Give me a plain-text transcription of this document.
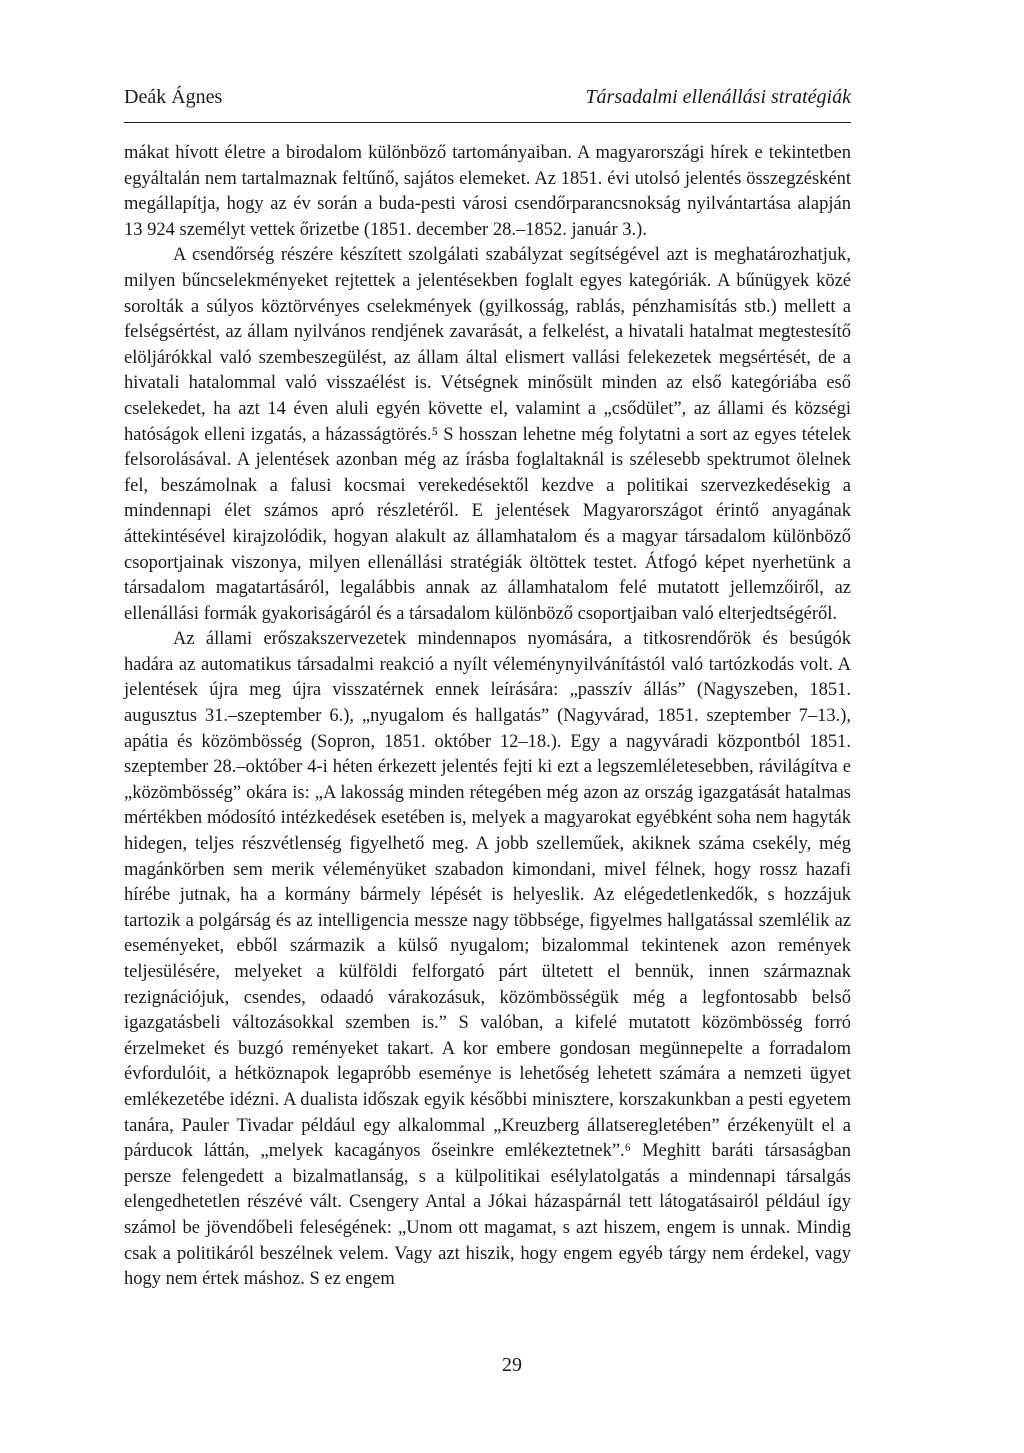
Deák Ágnes	Társadalmi ellenállási stratégiák

mákat hívott életre a birodalom különböző tartományaiban. A magyarországi hírek e tekintetben egyáltalán nem tartalmaznak feltűnő, sajátos elemeket. Az 1851. évi utolsó jelentés összegzésként megállapítja, hogy az év során a buda-pesti városi csendőrparancsnokság nyilvántartása alapján 13 924 személyt vettek őrizetbe (1851. december 28.–1852. január 3.).

A csendőrség részére készített szolgálati szabályzat segítségével azt is meghatározhatjuk, milyen bűncselekményeket rejtettek a jelentésekben foglalt egyes kategóriák. A bűnügyek közé sorolták a súlyos köztörvényes cselekmények (gyilkosság, rablás, pénzhamisítás stb.) mellett a felségsértést, az állam nyilvános rendjének zavarását, a felkelést, a hivatali hatalmat megtestesítő elöljárókkal való szembeszegülést, az állam által elismert vallási felekezetek megsértését, de a hivatali hatalommal való visszaélést is. Vétségnek minősült minden az első kategóriába eső cselekedet, ha azt 14 éven aluli egyén követte el, valamint a „csődület”, az állami és községi hatóságok elleni izgatás, a házasságtörés.⁵ S hosszan lehetne még folytatni a sort az egyes tételek felsorolásával. A jelentések azonban még az írásba foglaltaknál is szélesebb spektrumot ölelnek fel, beszámolnak a falusi kocsmai verekedésektől kezdve a politikai szervezkedésekig a mindennapi élet számos apró részletéről. E jelentések Magyarországot érintő anyagának áttekintésével kirajzolódik, hogyan alakult az államhatalom és a magyar társadalom különböző csoportjainak viszonya, milyen ellenállási stratégiák öltöttek testet. Átfogó képet nyerhetünk a társadalom magatartásáról, legalábbis annak az államhatalom felé mutatott jellemzőiről, az ellenállási formák gyakoriságáról és a társadalom különböző csoportjaiban való elterjedtségéről.

Az állami erőszakszervezetek mindennapos nyomására, a titkosrendőrök és besúgók hadára az automatikus társadalmi reakció a nyílt véleménynyilvánítástól való tartózkodás volt. A jelentések újra meg újra visszatérnek ennek leírására: „passzív állás” (Nagyszeben, 1851. augusztus 31.–szeptember 6.), „nyugalom és hallgatás” (Nagyvárad, 1851. szeptember 7–13.), apátia és közömbösség (Sopron, 1851. október 12–18.). Egy a nagyváradi központból 1851. szeptember 28.–október 4-i héten érkezett jelentés fejti ki ezt a legszemléletesebben, rávilágítva e „közömbösség” okára is: „A lakosság minden rétegében még azon az ország igazgatását hatalmas mértékben módosító intézkedések esetében is, melyek a magyarokat egyébként soha nem hagyták hidegen, teljes részvétlenség figyelhető meg. A jobb szelleműek, akiknek száma csekély, még magánkörben sem merik véleményüket szabadon kimondani, mivel félnek, hogy rossz hazafi hírébe jutnak, ha a kormány bármely lépését is helyeslik. Az elégedetlenkedők, s hozzájuk tartozik a polgárság és az intelligencia messze nagy többsége, figyelmes hallgatással szemlélik az eseményeket, ebből származik a külső nyugalom; bizalommal tekintenek azon remények teljesülésére, melyeket a külföldi felforgató párt ültetett el bennük, innen származnak rezignációjuk, csendes, odaadó várakozásuk, közömbösségük még a legfontosabb belső igazgatásbeli változásokkal szemben is.” S valóban, a kifelé mutatott közömbösség forró érzelmeket és buzgó reményeket takart. A kor embere gondosan megünnepelte a forradalom évfordulóit, a hétköznapok legapróbb eseménye is lehetőség lehetett számára a nemzeti ügyet emlékezetébe idézni. A dualista időszak egyik későbbi minisztere, korszakunkban a pesti egyetem tanára, Pauler Tivadar például egy alkalommal „Kreuzberg állatseregletében” érzékenyült el a párducok láttán, „melyek kacagányos őseinkre emlékeztetnek”.⁶ Meghitt baráti társaságban persze felengedett a bizalmatlanság, s a külpolitikai esélylatolgatás a mindennapi társalgás elengedhetetlen részévé vált. Csengery Antal a Jókai házaspárnál tett látogatásairól például így számol be jövendőbeli feleségének: „Unom ott magamat, s azt hiszem, engem is unnak. Mindig csak a politikáról beszélnek velem. Vagy azt hiszik, hogy engem egyéb tárgy nem érdekel, vagy hogy nem értek máshoz. S ez engem

29
